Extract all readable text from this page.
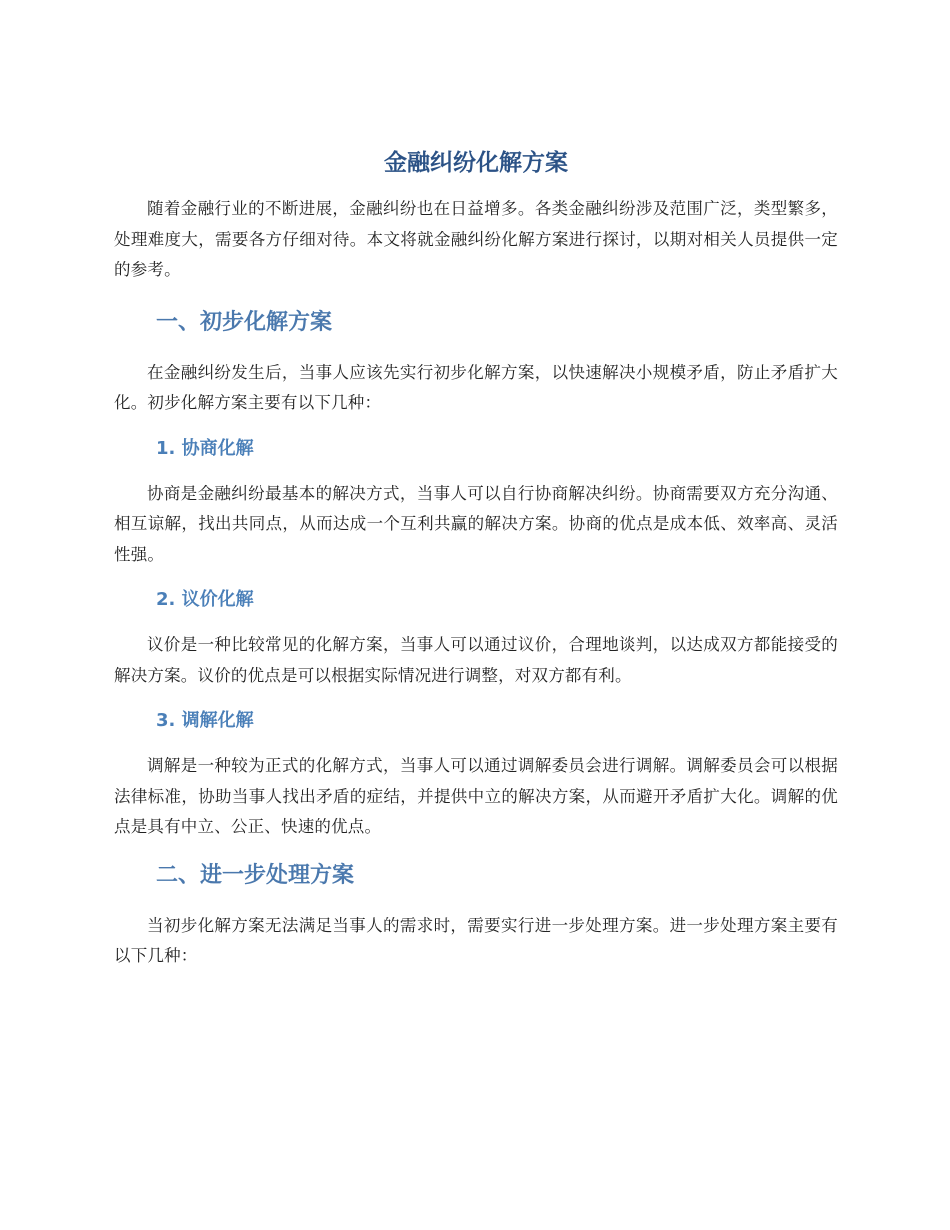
金融纠纷化解方案

随着金融行业的不断进展，金融纠纷也在日益增多。各类金融纠纷涉及范围广泛，类型繁多，处理难度大，需要各方仔细对待。本文将就金融纠纷化解方案进行探讨，以期对相关人员提供一定的参考。

一、初步化解方案

在金融纠纷发生后，当事人应该先实行初步化解方案，以快速解决小规模矛盾，防止矛盾扩大化。初步化解方案主要有以下几种：

1. 协商化解

协商是金融纠纷最基本的解决方式，当事人可以自行协商解决纠纷。协商需要双方充分沟通、相互谅解，找出共同点，从而达成一个互利共赢的解决方案。协商的优点是成本低、效率高、灵活性强。

2. 议价化解

议价是一种比较常见的化解方案，当事人可以通过议价，合理地谈判，以达成双方都能接受的解决方案。议价的优点是可以根据实际情况进行调整，对双方都有利。

3. 调解化解

调解是一种较为正式的化解方式，当事人可以通过调解委员会进行调解。调解委员会可以根据法律标准，协助当事人找出矛盾的症结，并提供中立的解决方案，从而避开矛盾扩大化。调解的优点是具有中立、公正、快速的优点。

二、进一步处理方案

当初步化解方案无法满足当事人的需求时，需要实行进一步处理方案。进一步处理方案主要有以下几种：
